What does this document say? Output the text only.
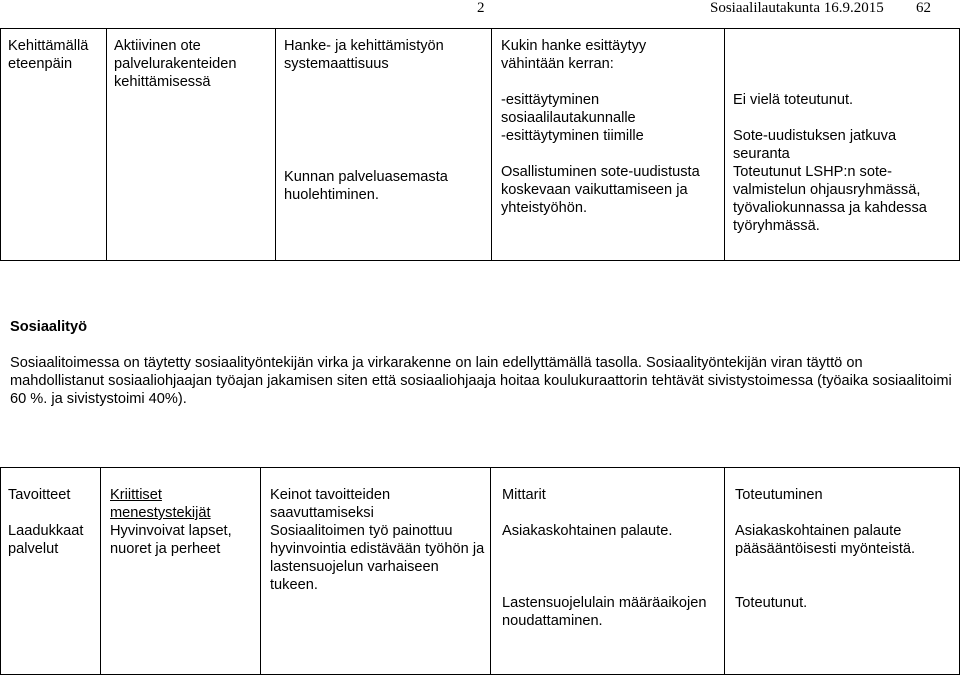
2	Sosiaalilautakunta 16.9.2015 62

Kehittämällä eteenpäin

Aktiivinen ote palvelurakenteiden kehittämisessä

Hanke- ja kehittämistyön systemaattisuus

Kunnan palveluasemasta huolehtiminen.

Kukin hanke esittäytyy vähintään kerran:

-esittäytyminen sosiaalilautakunnalle

-esittäytyminen tiimille

Osallistuminen sote-uudistusta koskevaan vaikuttamiseen ja yhteistyöhön.

Ei vielä toteutunut.

Sote-uudistuksen jatkuva seuranta

Toteutunut LSHP:n sote-valmistelun ohjausryhmässä, työvaliokunnassa ja kahdessa työryhmässä.

Sosiaalityö
Sosiaalitoimessa on täytetty sosiaalityöntekijän virka ja virkarakenne on lain edellyttämällä tasolla. Sosiaalityöntekijän viran täyttö on mahdollistanut sosiaaliohjaajan työajan jakamisen siten että sosiaaliohjaaja hoitaa koulukuraattorin tehtävät sivistystoimessa (työaika sosiaalitoimi 60 %. ja sivistystoimi 40%).

Tavoitteet

Laadukkaat palvelut

Kriittiset menestystekijät

Hyvinvoivat lapset, nuoret ja perheet

Keinot tavoitteiden saavuttamiseksi

Sosiaalitoimen työ painottuu hyvinvointia edistävään työhön ja lastensuojelun varhaiseen tukeen.

Mittarit

Asiakaskohtainen palaute.

Lastensuojelulain määräaikojen noudattaminen.

Toteutuminen

Asiakaskohtainen palaute pääsääntöisesti myönteistä.

Toteutunut.
